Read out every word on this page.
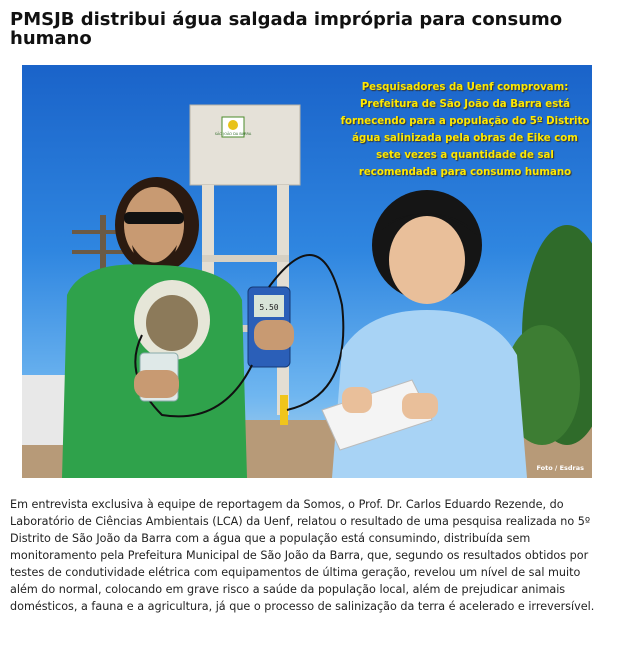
PMSJB distribui água salgada imprópria para consumo humano
SÃO JOÃO DA BARRA
5.50
Pesquisadores da Uenf comprovam: Prefeitura de São João da Barra está fornecendo para a população do 5º Distrito água salinizada pela obras de Eike com sete vezes a quantidade de sal recomendada para consumo humano
Foto / Esdras

Em entrevista exclusiva à equipe de reportagem da Somos, o Prof. Dr. Carlos Eduardo Rezende, do Laboratório de Ciências Ambientais (LCA) da Uenf, relatou o resultado de uma pesquisa realizada no 5º Distrito de São João da Barra com a água que a população está consumindo, distribuída sem monitoramento pela Prefeitura Municipal de São João da Barra, que, segundo os resultados obtidos por testes de condutividade elétrica com equipamentos de última geração, revelou um nível de sal muito além do normal, colocando em grave risco a saúde da população local, além de prejudicar animais domésticos, a fauna e a agricultura, já que o processo de salinização da terra é acelerado e irreversível.
